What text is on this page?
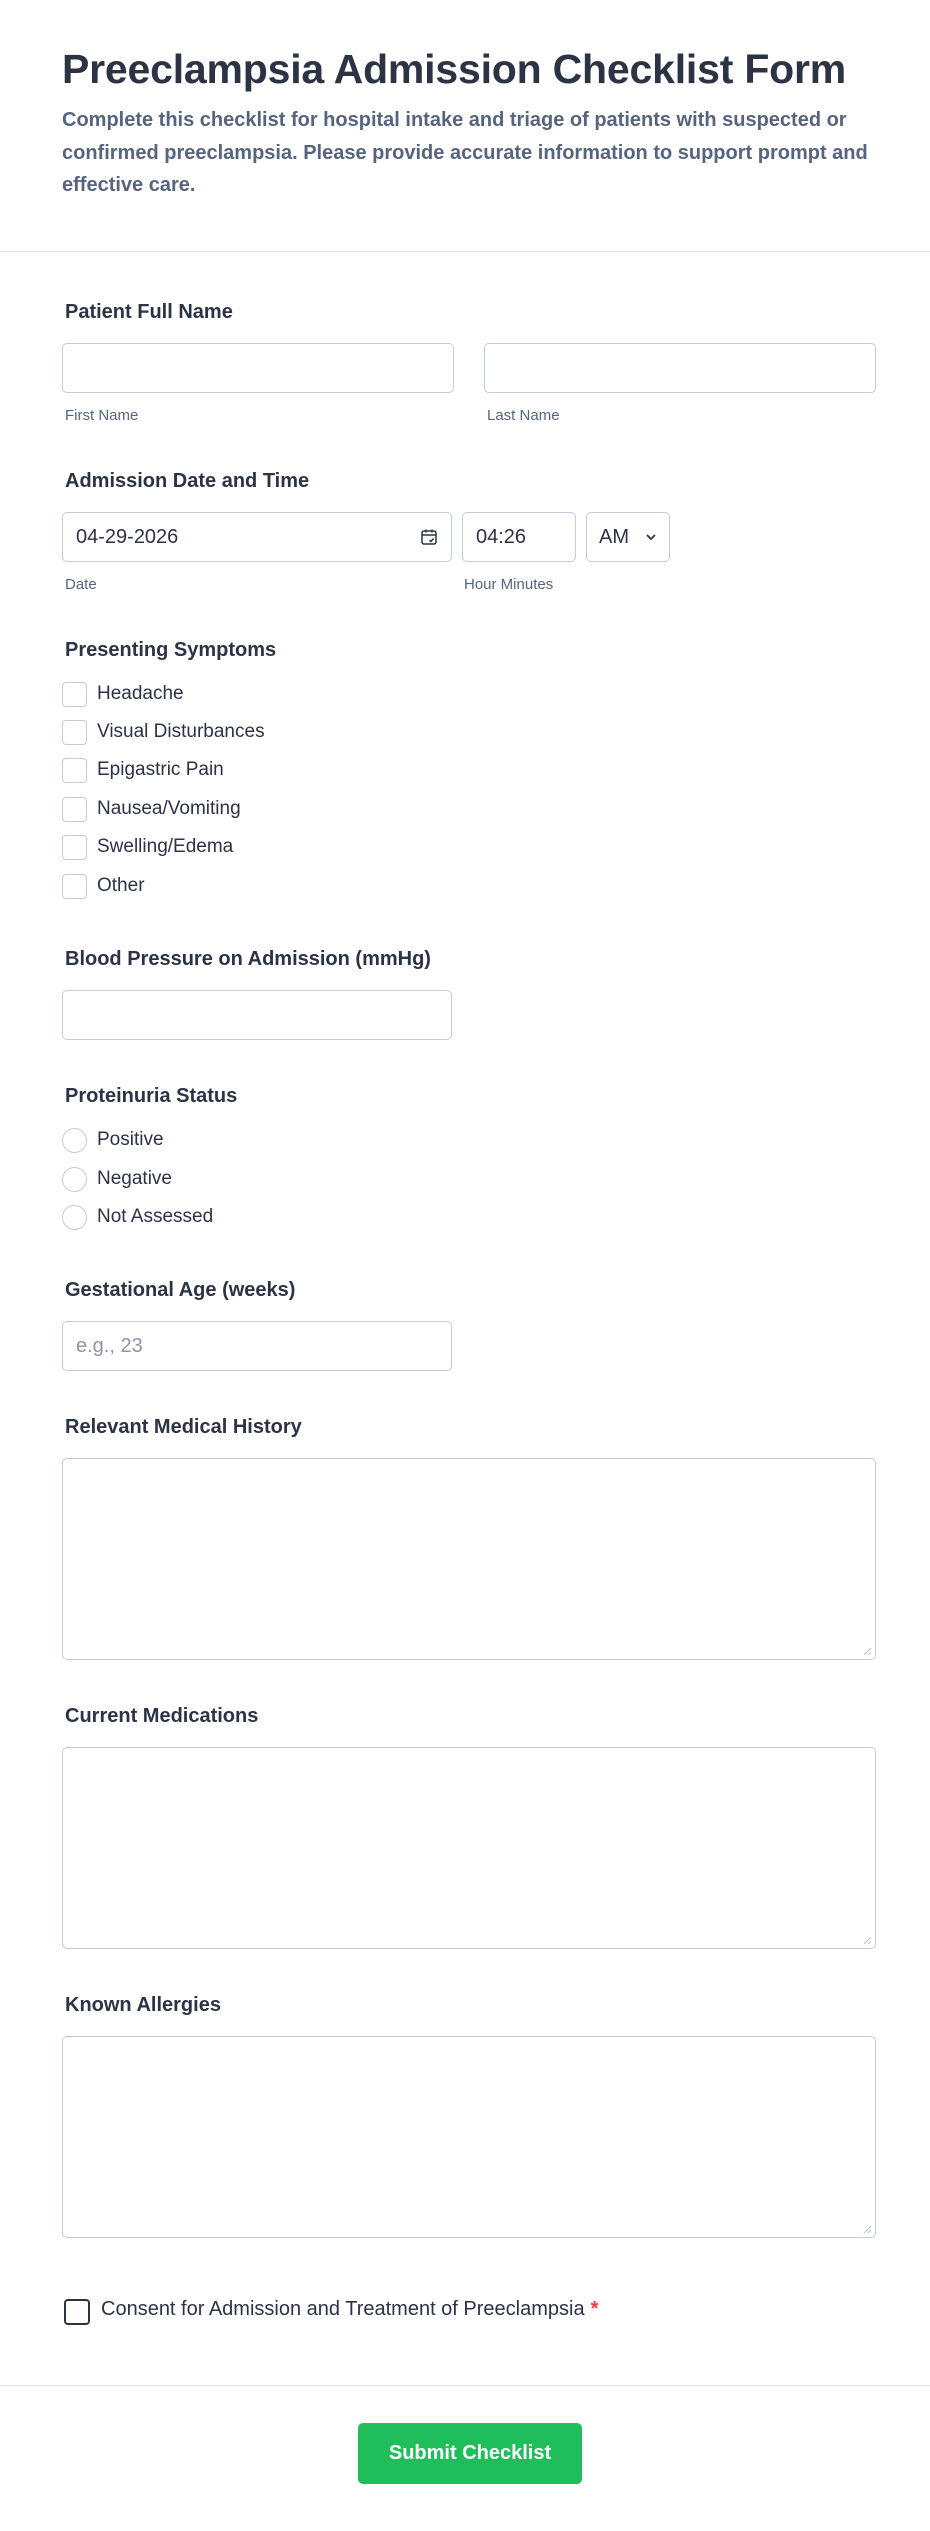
Preeclampsia Admission Checklist Form

Complete this checklist for hospital intake and triage of patients with suspected or confirmed preeclampsia. Please provide accurate information to support prompt and effective care.

Patient Full Name
First Name	Last Name
Admission Date and Time
04-29-2026
Date
04:26
Hour Minutes
AM
Presenting Symptoms
Headache
Visual Disturbances
Epigastric Pain
Nausea/Vomiting
Swelling/Edema
Other
Blood Pressure on Admission (mmHg)
Proteinuria Status
Positive
Negative
Not Assessed
Gestational Age (weeks)
e.g., 23
Relevant Medical History
Current Medications
Known Allergies
Consent for Admission and Treatment of Preeclampsia *
Submit Checklist
